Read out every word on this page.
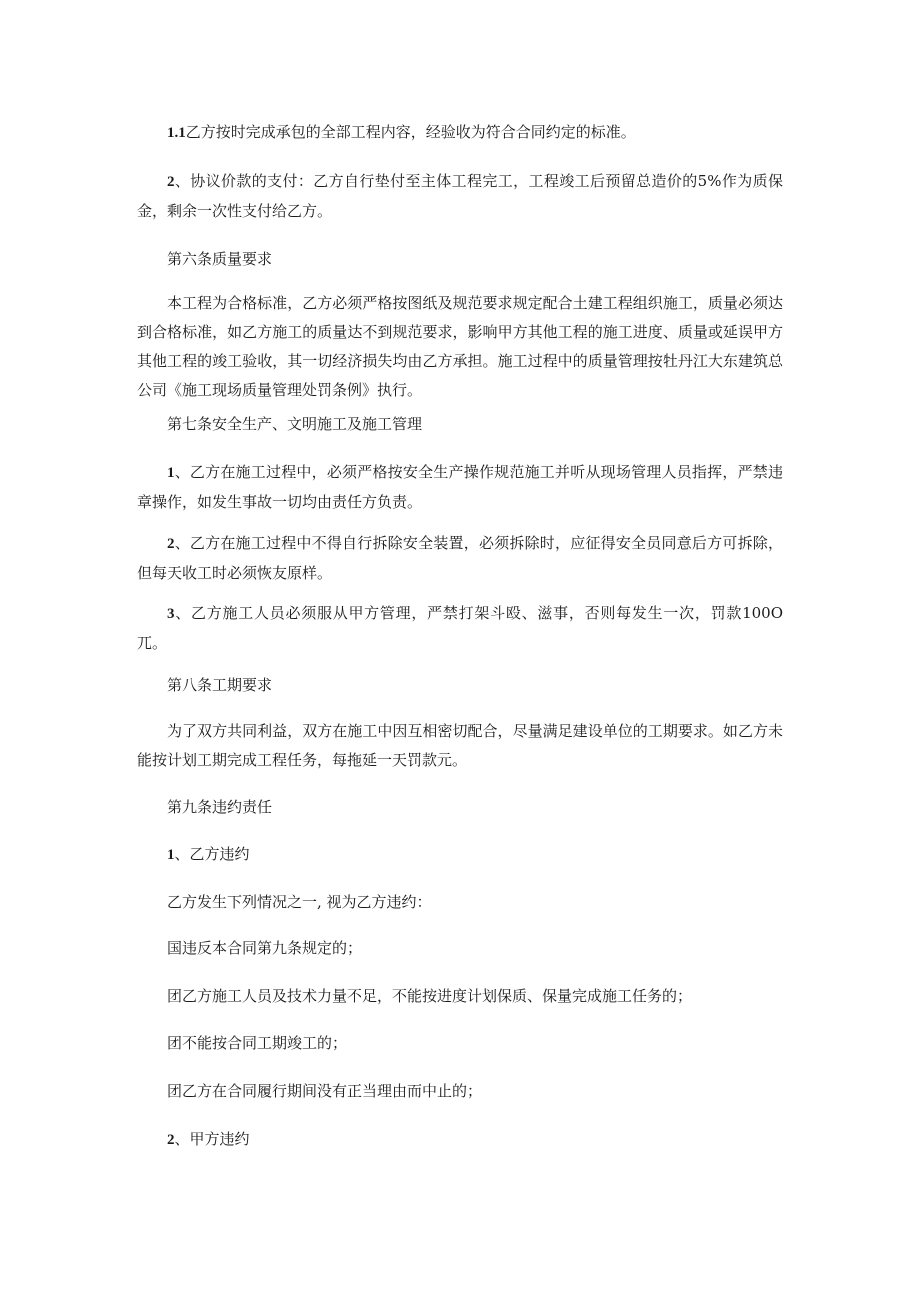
1.1乙方按时完成承包的全部工程内容，经验收为符合合同约定的标准。

2、协议价款的支付：乙方自行垫付至主体工程完工，工程竣工后预留总造价的5%作为质保金，剩余一次性支付给乙方。

第六条质量要求

本工程为合格标准，乙方必须严格按图纸及规范要求规定配合土建工程组织施工，质量必须达到合格标准，如乙方施工的质量达不到规范要求，影响甲方其他工程的施工进度、质量或延误甲方其他工程的竣工验收，其一切经济损失均由乙方承担。施工过程中的质量管理按牡丹江大东建筑总公司《施工现场质量管理处罚条例》执行。

第七条安全生产、文明施工及施工管理

1、乙方在施工过程中，必须严格按安全生产操作规范施工并听从现场管理人员指挥，严禁违章操作，如发生事故一切均由责任方负责。

2、乙方在施工过程中不得自行拆除安全装置，必须拆除时，应征得安全员同意后方可拆除，但每天收工时必须恢友原样。

3、乙方施工人员必须服从甲方管理，严禁打架斗殴、滋事，否则每发生一次，罚款100O兀。

第八条工期要求

为了双方共同利益，双方在施工中因互相密切配合，尽量满足建设单位的工期要求。如乙方未能按计划工期完成工程任务，每拖延一天罚款元。

第九条违约责任

1、乙方违约

乙方发生下列情况之一, 视为乙方违约：

国违反本合同第九条规定的；

团乙方施工人员及技术力量不足，不能按进度计划保质、保量完成施工任务的；

团不能按合同工期竣工的；

团乙方在合同履行期间没有正当理由而中止的；

2、甲方违约
